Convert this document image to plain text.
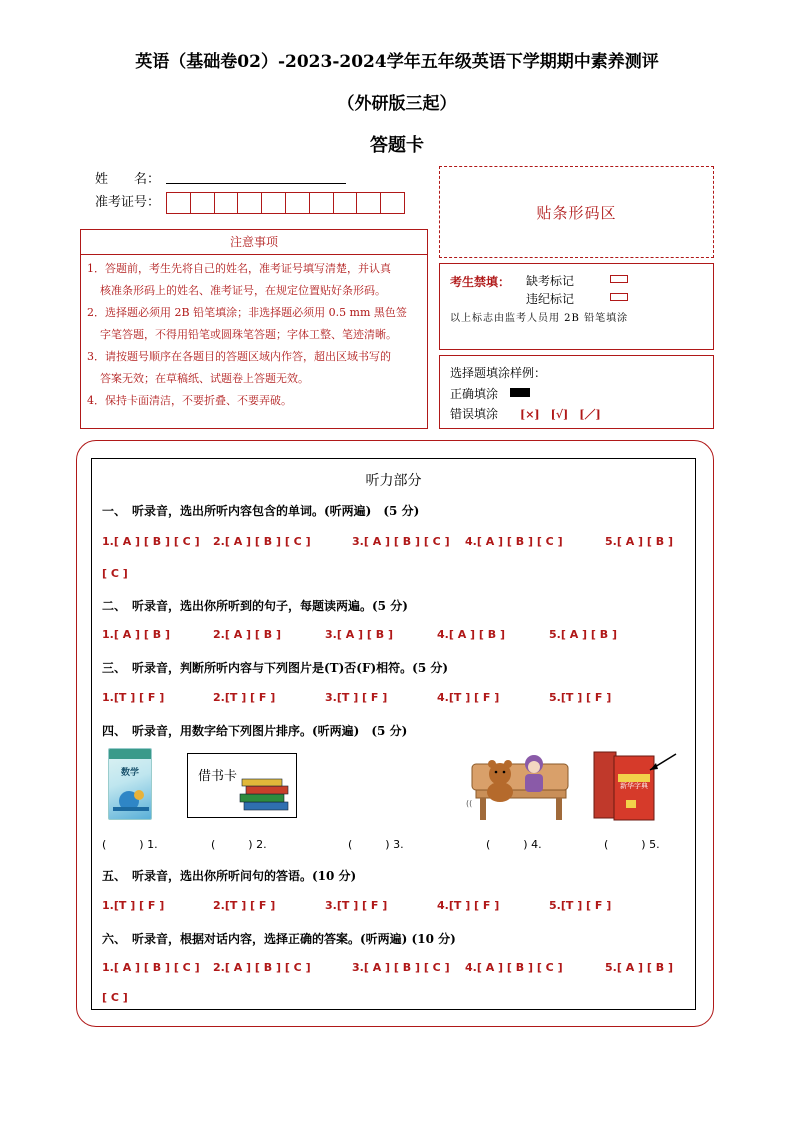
英语（基础卷02）-2023-2024学年五年级英语下学期期中素养测评
（外研版三起）
答题卡
姓　　名：
准考证号：
贴条形码区
注意事项
1．答题前，考生先将自己的姓名，准考证号填写清楚，并认真
核准条形码上的姓名、准考证号，在规定位置贴好条形码。
2．选择题必须用 2B 铅笔填涂；非选择题必须用 0.5 mm 黑色签
字笔答题，不得用铅笔或圆珠笔答题；字体工整、笔迹清晰。
3．请按题号顺序在各题目的答题区域内作答，超出区域书写的
答案无效；在草稿纸、试题卷上答题无效。
4．保持卡面清洁，不要折叠、不要弄破。
考生禁填： 缺考标记
违纪标记
以上标志由监考人员用 2B 铅笔填涂
选择题填涂样例：
正确填涂
错误填涂 [×]　[√]　[／]
听力部分
一、　听录音，选出所听内容包含的单词。(听两遍)　(5 分)
1.[ A ] [ B ] [ C ] 2.[ A ] [ B ] [ C ]	3.[ A ] [ B ] [ C ] 4.[ A ] [ B ] [ C ]	5.[ A ] [ B ]
[ C ]
二、　听录音，选出你所听到的句子，每题读两遍。(5 分)
1.[ A ] [ B ]	2.[ A ] [ B ]	3.[ A ] [ B ]	4.[ A ] [ B ]	5.[ A ] [ B ]
三、　听录音，判断所听内容与下列图片是(T)否(F)相符。(5 分)
1.[T ] [ F ]	2.[T ] [ F ]	3.[T ] [ F ]	4.[T ] [ F ]	5.[T ] [ F ]
四、　听录音，用数字给下列图片排序。(听两遍)　(5 分)
数学	借书卡
((
新华字典
(　　　) 1.	(　　　) 2.	(　　　) 3.	(　　　) 4.	(　　　) 5.
五、　听录音，选出你所听问句的答语。(10 分)
1.[T ] [ F ]	2.[T ] [ F ]	3.[T ] [ F ]	4.[T ] [ F ]	5.[T ] [ F ]
六、　听录音，根据对话内容，选择正确的答案。(听两遍) (10 分)
1.[ A ] [ B ] [ C ] 2.[ A ] [ B ] [ C ]	3.[ A ] [ B ] [ C ] 4.[ A ] [ B ] [ C ]	5.[ A ] [ B ]
[ C ]
